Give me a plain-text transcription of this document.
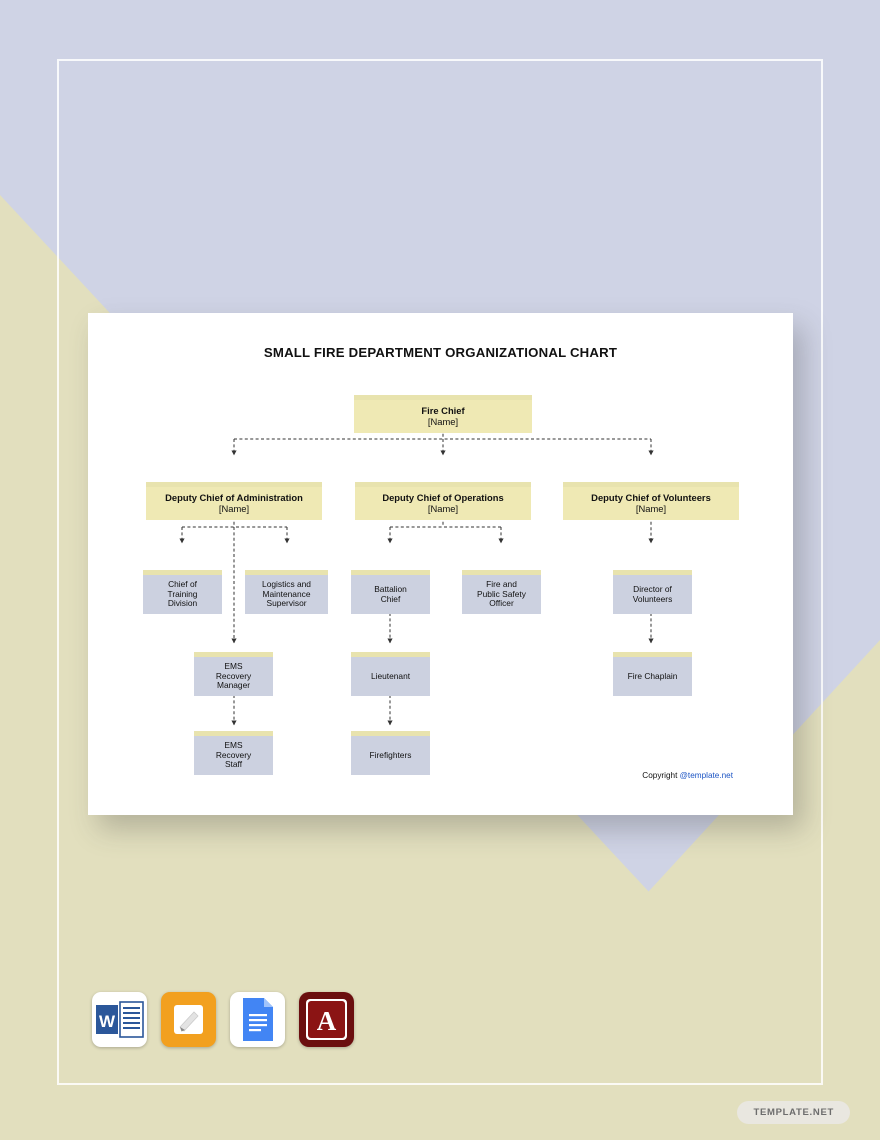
SMALL FIRE DEPARTMENT ORGANIZATIONAL CHART
Fire Chief
[Name]
Deputy Chief of Administration
[Name]
Deputy Chief of Operations
[Name]
Deputy Chief of Volunteers
[Name]
Chief of
Training
Division
Logistics and
Maintenance
Supervisor
Battalion
Chief
Fire and
Public Safety
Officer
Director of
Volunteers
EMS
Recovery
Manager
Lieutenant	Fire Chaplain
EMS
Recovery
Staff
Firefighters
Copyright @template.net
W	A
TEMPLATE.NET
